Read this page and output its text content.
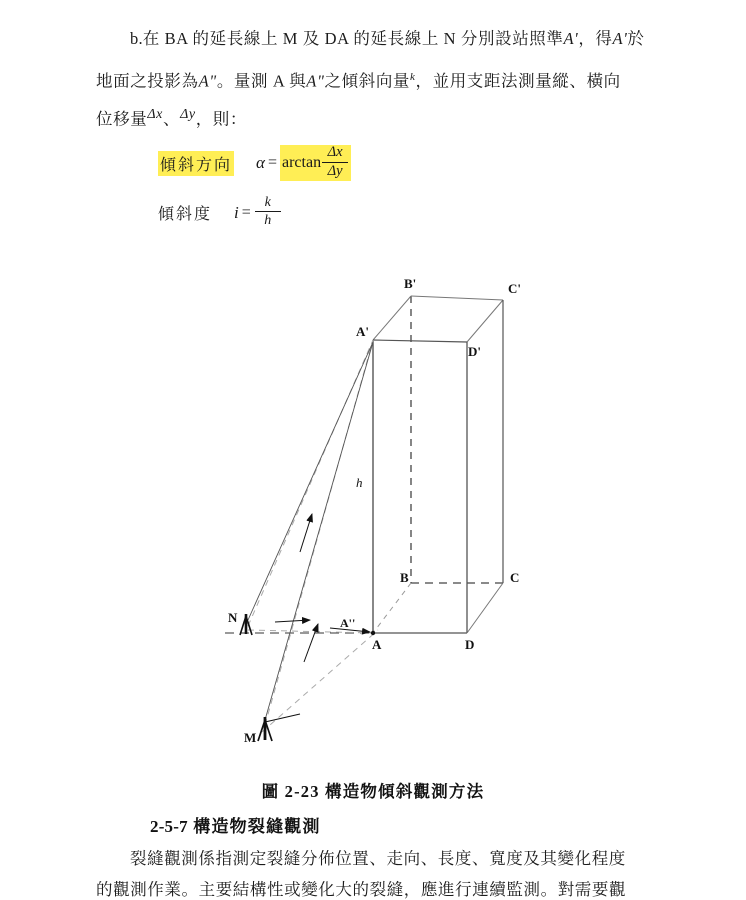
b.在 BA 的延長線上 M 及 DA 的延長線上 N 分別設站照準A'，得A'於
地面之投影為A"。量測 A 與A"之傾斜向量$^k$，並用支距法測量縱、橫向
位移量$^{\Delta x}$、$^{\Delta y}$，則：
傾斜方向 $\alpha = \arctan \frac{\Delta x}{\Delta y}$
傾斜度 $i = \frac{k}{h}$
A'
B'	C'
D'
B	C
A	D
A''
N
M
h
圖 2-23 構造物傾斜觀測方法
2-5-7 構造物裂縫觀測
裂縫觀測係指測定裂縫分佈位置、走向、長度、寬度及其變化程度
的觀測作業。主要結構性或變化大的裂縫，應進行連續監測。對需要觀
